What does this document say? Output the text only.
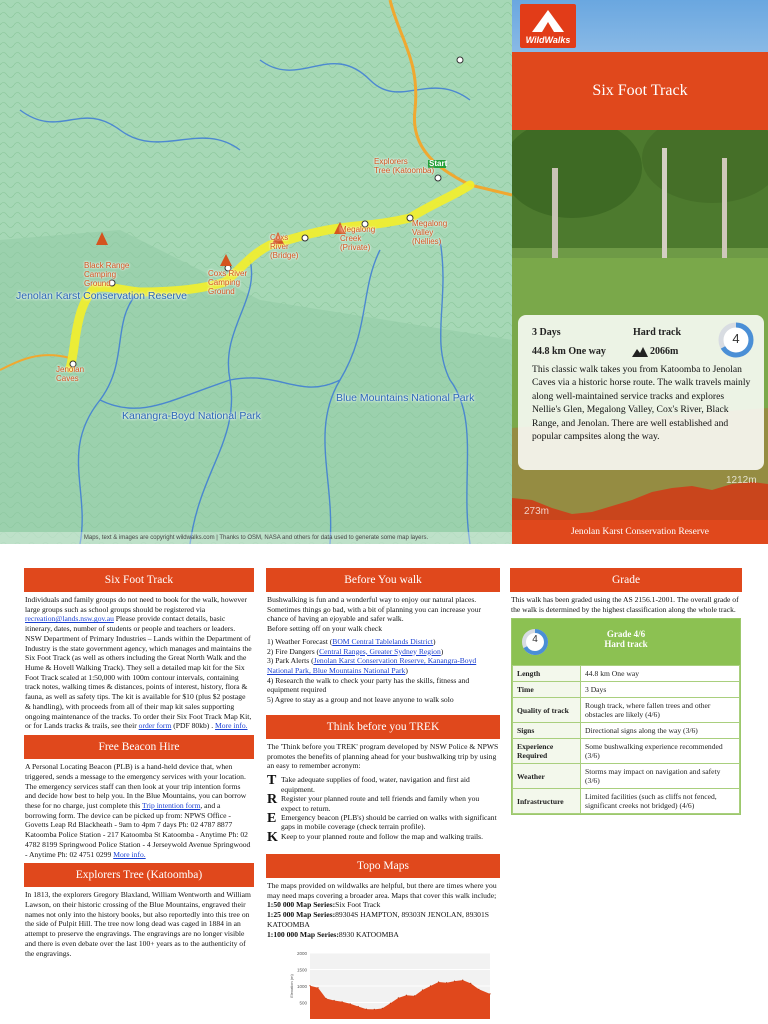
Explorers
Tree (Katoomba)
Start
Megalong
Valley
(Nellies)
Megalong
Creek
(Private)
Coxs
River
(Bridge)
Coxs River
Camping
Ground
Black Range
Camping
Ground
Jenolan
Caves
Jenolan Karst Conservation Reserve
Kanangra-Boyd National Park
Blue Mountains National Park
Maps, text & images are copyright wildwalks.com | Thanks to OSM, NASA and others for data used to generate some map layers.
WildWalks
Six Foot Track
3 Days	Hard track
44.8 km One way	2066m
4
This classic walk takes you from Katoomba to Jenolan Caves via a historic horse route. The walk travels mainly along well-maintained service tracks and explores Nellie's Glen, Megalong Valley, Cox's River, Black Range, and Jenolan. There are well established and popular campsites along the way.
1212m
273m
Jenolan Karst Conservation Reserve
Six Foot Track
Individuals and family groups do not need to book for the walk, however large groups such as school groups should be registered via recreation@lands.nsw.gov.au Please provide contact details, basic itinerary, dates, number of students or people and teachers or leaders. NSW Department of Primary Industries – Lands within the Department of Industry is the state government agency, which manages and maintains the Six Foot Track (as well as others including the Great North Walk and the Hume & Hovell Walking Track). They sell a detailed map kit for the Six Foot Track scaled at 1:50,000 with 100m contour intervals, containing track notes, walking times & distances, points of interest, history, flora & fauna, as well as safety tips. The kit is available for $10 (plus $2 postage & handling), with proceeds from all of their map kit sales supporting ongoing maintenance of the tracks. To order their Six Foot Track Map Kit, or for Lands tracks & trails, see their order form (PDF 80kb) . More info.
Free Beacon Hire
A Personal Locating Beacon (PLB) is a hand-held device that, when triggered, sends a message to the emergency services with your location. The emergency services staff can then look at your trip intention forms and decide how best to help you. In the Blue Mountains, you can borrow these for no charge, just complete this Trip intention form, and a borrowing form. The device can be picked up from: NPWS Office - Govetts Leap Rd Blackheath - 9am to 4pm 7 days Ph: 02 4787 8877 Katoomba Police Station - 217 Katoomba St Katoomba - Anytime Ph: 02 4782 8199 Springwood Police Station - 4 Jerseywold Avenue Springwood - Anytime Ph: 02 4751 0299 More info.
Explorers Tree (Katoomba)
In 1813, the explorers Gregory Blaxland, William Wentworth and William Lawson, on their historic crossing of the Blue Mountains, engraved their names not only into the history books, but also reportedly into this tree on the side of Pulpit Hill. The tree now long dead was caged in 1884 in an attempt to preserve the engravings. The engravings are no longer visible and there is even debate over the last 100+ years as to the authenticity of the engravings.
Before You walk
Bushwalking is fun and a wonderful way to enjoy our natural places. Sometimes things go bad, with a bit of planning you can increase your chance of having an ejoyable and safer walk.
Before setting off on your walk check
1) Weather Forecast (BOM Central Tablelands District)
2) Fire Dangers (Central Ranges, Greater Sydney Region)
3) Park Alerts (Jenolan Karst Conservation Reserve, Kanangra-Boyd National Park, Blue Mountains National Park)
4) Research the walk to check your party has the skills, fitness and equipment required
5) Agree to stay as a group and not leave anyone to walk solo
Think before you TREK
The 'Think before you TREK' program developed by NSW Police & NPWS promotes the benefits of planning ahead for your bushwalking trip by using an easy to remember acronym:
T Take adequate supplies of food, water, navigation and first aid equipment.
R Register your planned route and tell friends and family when you expect to return.
E Emergency beacon (PLB's) should be carried on walks with significant gaps in mobile coverage (check terrain profile).
K Keep to your planned route and follow the map and walking trails.
Topo Maps
The maps provided on wildwalks are helpful, but there are times where you may need maps covering a broader area. Maps that cover this walk include;
1:50 000 Map Series:Six Foot Track
1:25 000 Map Series:89304S HAMPTON, 89303N JENOLAN, 89301S KATOOMBA
1:100 000 Map Series:8930 KATOOMBA
2000
1500
1000
500
Elevation (m)
Grade
This walk has been graded using the AS 2156.1-2001. The overall grade of the walk is determined by the highest classification along the whole track.
Grade 4/6
Hard track
4
Length	44.8 km One way
Time	3 Days
Quality of track	Rough track, where fallen trees and other obstacles are likely (4/6)
Signs	Directional signs along the way (3/6)
Experience Required	Some bushwalking experience recommended (3/6)
Weather	Storms may impact on navigation and safety (3/6)
Infrastructure	Limited facilities (such as cliffs not fenced, significant creeks not bridged) (4/6)
